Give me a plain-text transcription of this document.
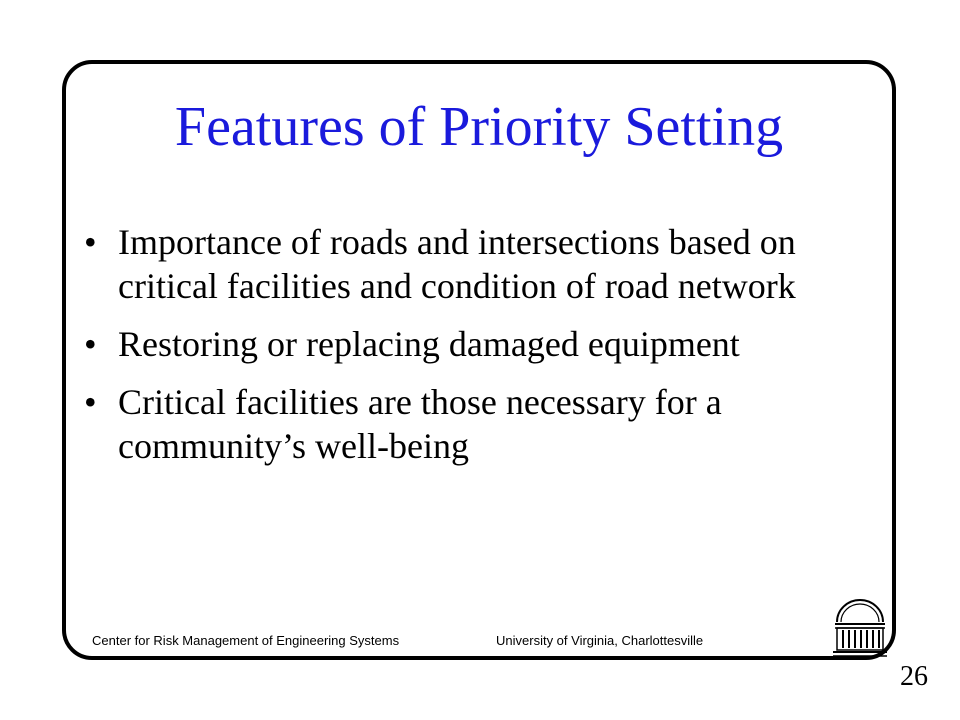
Features of Priority Setting
• Importance of roads and intersections based on critical facilities and condition of road network
• Restoring or replacing damaged equipment
• Critical facilities are those necessary for a community’s well-being
Center for Risk Management of Engineering Systems	University of Virginia, Charlottesville
26
